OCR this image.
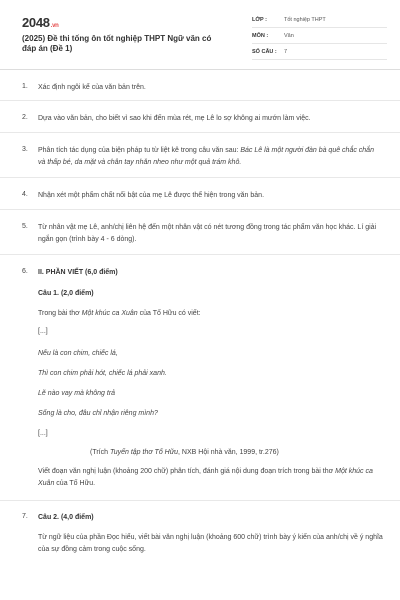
2048.vn
(2025) Đề thi tống ôn tốt nghiệp THPT Ngữ văn có đáp án (Đề 1)
LỚP :	Tốt nghiệp THPT
MÔN :	Văn
SỐ CÂU :	7
1.	Xác định ngôi kể của văn bản trên.
2.	Dựa vào văn bản, cho biết vì sao khi đến mùa rét, mẹ Lê lo sợ không ai mướn làm việc.
3.	Phân tích tác dụng của biện pháp tu từ liệt kê trong câu văn sau: Bác Lê là một người đàn bà quê chắc chắn và thấp bé, da mặt và chân tay nhăn nheo như một quả trám khô.
4.	Nhận xét một phẩm chất nổi bật của mẹ Lê được thể hiện trong văn bản.
5.	Từ nhân vật mẹ Lê, anh/chị liên hệ đến một nhân vật có nét tương đồng trong tác phẩm văn học khác. Lí giải ngắn gọn (trình bày 4 - 6 dòng).
6.	II. PHẦN VIẾT (6,0 điểm)
Câu 1. (2,0 điểm)
Trong bài thơ Một khúc ca Xuân của Tố Hữu có viết:
[...]
Nếu là con chim, chiếc lá,
Thì con chim phải hót, chiếc lá phải xanh.
Lẽ nào vay mà không trả
Sống là cho, đâu chỉ nhận riêng mình?
[...]
(Trích Tuyển tập thơ Tố Hữu, NXB Hội nhà văn, 1999, tr.276)
Viết đoạn văn nghị luận (khoảng 200 chữ) phân tích, đánh giá nội dung đoạn trích trong bài thơ Một khúc ca Xuân của Tố Hữu.
7.	Câu 2. (4,0 điểm)
Từ ngữ liệu của phần Đọc hiểu, viết bài văn nghị luận (khoảng 600 chữ) trình bày ý kiến của anh/chị về ý nghĩa của sự đồng cảm trong cuộc sống.
